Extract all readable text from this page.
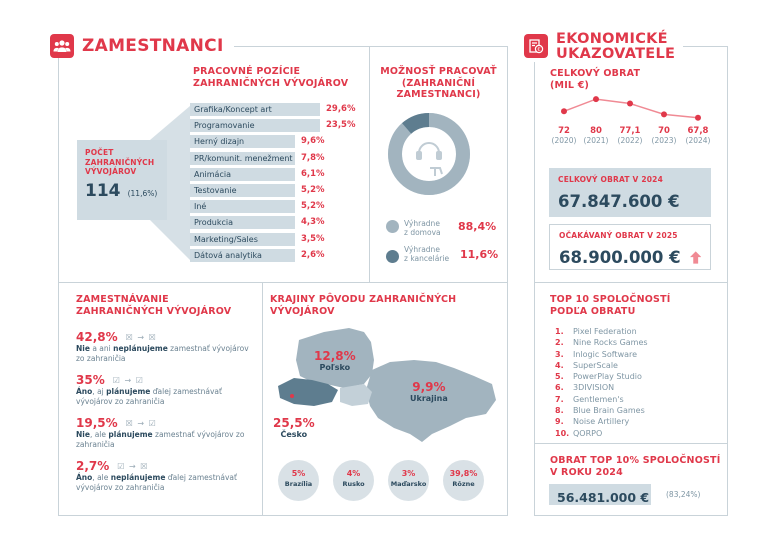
ZAMESTNANCI
PRACOVNÉ POZÍCIE
ZAHRANIČNÝCH VÝVOJÁROV
POČET
ZAHRANIČNÝCH
VÝVOJÁROV
114 (11,6%)
Grafika/Koncept art	29,6%
Programovanie	23,5%
Herný dizajn	9,6%
PR/komunit. menežment 7,8%
Animácia	6,1%
Testovanie	5,2%
Iné	5,2%
Produkcia	4,3%
Marketing/Sales	3,5%
Dátová analytika	2,6%
MOŽNOSŤ PRACOVAŤ
(ZAHRANIČNÍ
ZAMESTNANCI)
Výhradne
z domova 88,4%
Výhradne
z kancelárie 11,6%
ZAMESTNÁVANIE
ZAHRANIČNÝCH VÝVOJÁROV
42,8% ☒ → ☒
Nie a ani neplánujeme zamestnať vývojárov zo zahraničia
35% ☑ → ☑
Áno, aj plánujeme ďalej zamestnávať vývojárov zo zahraničia
19,5% ☒ → ☑
Nie, ale plánujeme zamestnať vývojárov zo zahraničia
2,7% ☑ → ☒
Áno, ale neplánujeme ďalej zamestnávať vývojárov zo zahraničia
KRAJINY PÔVODU ZAHRANIČNÝCH
VÝVOJÁROV
12,8%
Poľsko
9,9%
Ukrajina
25,5%
Česko
5%
Brazília
4%
Rusko
3%
Maďarsko
39,8%
Rôzne
€
EKONOMICKÉ
UKAZOVATELE
CELKOVÝ OBRAT
(MIL €)
72
(2020)
80
(2021)
77,1
(2022)
70
(2023)
67,8
(2024)
CELKOVÝ OBRAT V 2024
67.847.600 €
OČAKÁVANÝ OBRAT V 2025
68.900.000 €
TOP 10 SPOLOČNOSTÍ
PODĽA OBRATU
1. Pixel Federation
2. Nine Rocks Games
3. Inlogic Software
4. SuperScale
5. PowerPlay Studio
6. 3DIVISION
7. Gentlemen's
8. Blue Brain Games
9. Noise Artillery
10. QORPO
OBRAT TOP 10% SPOLOČNOSTÍ
V ROKU 2024
56.481.000 € (83,24%)
